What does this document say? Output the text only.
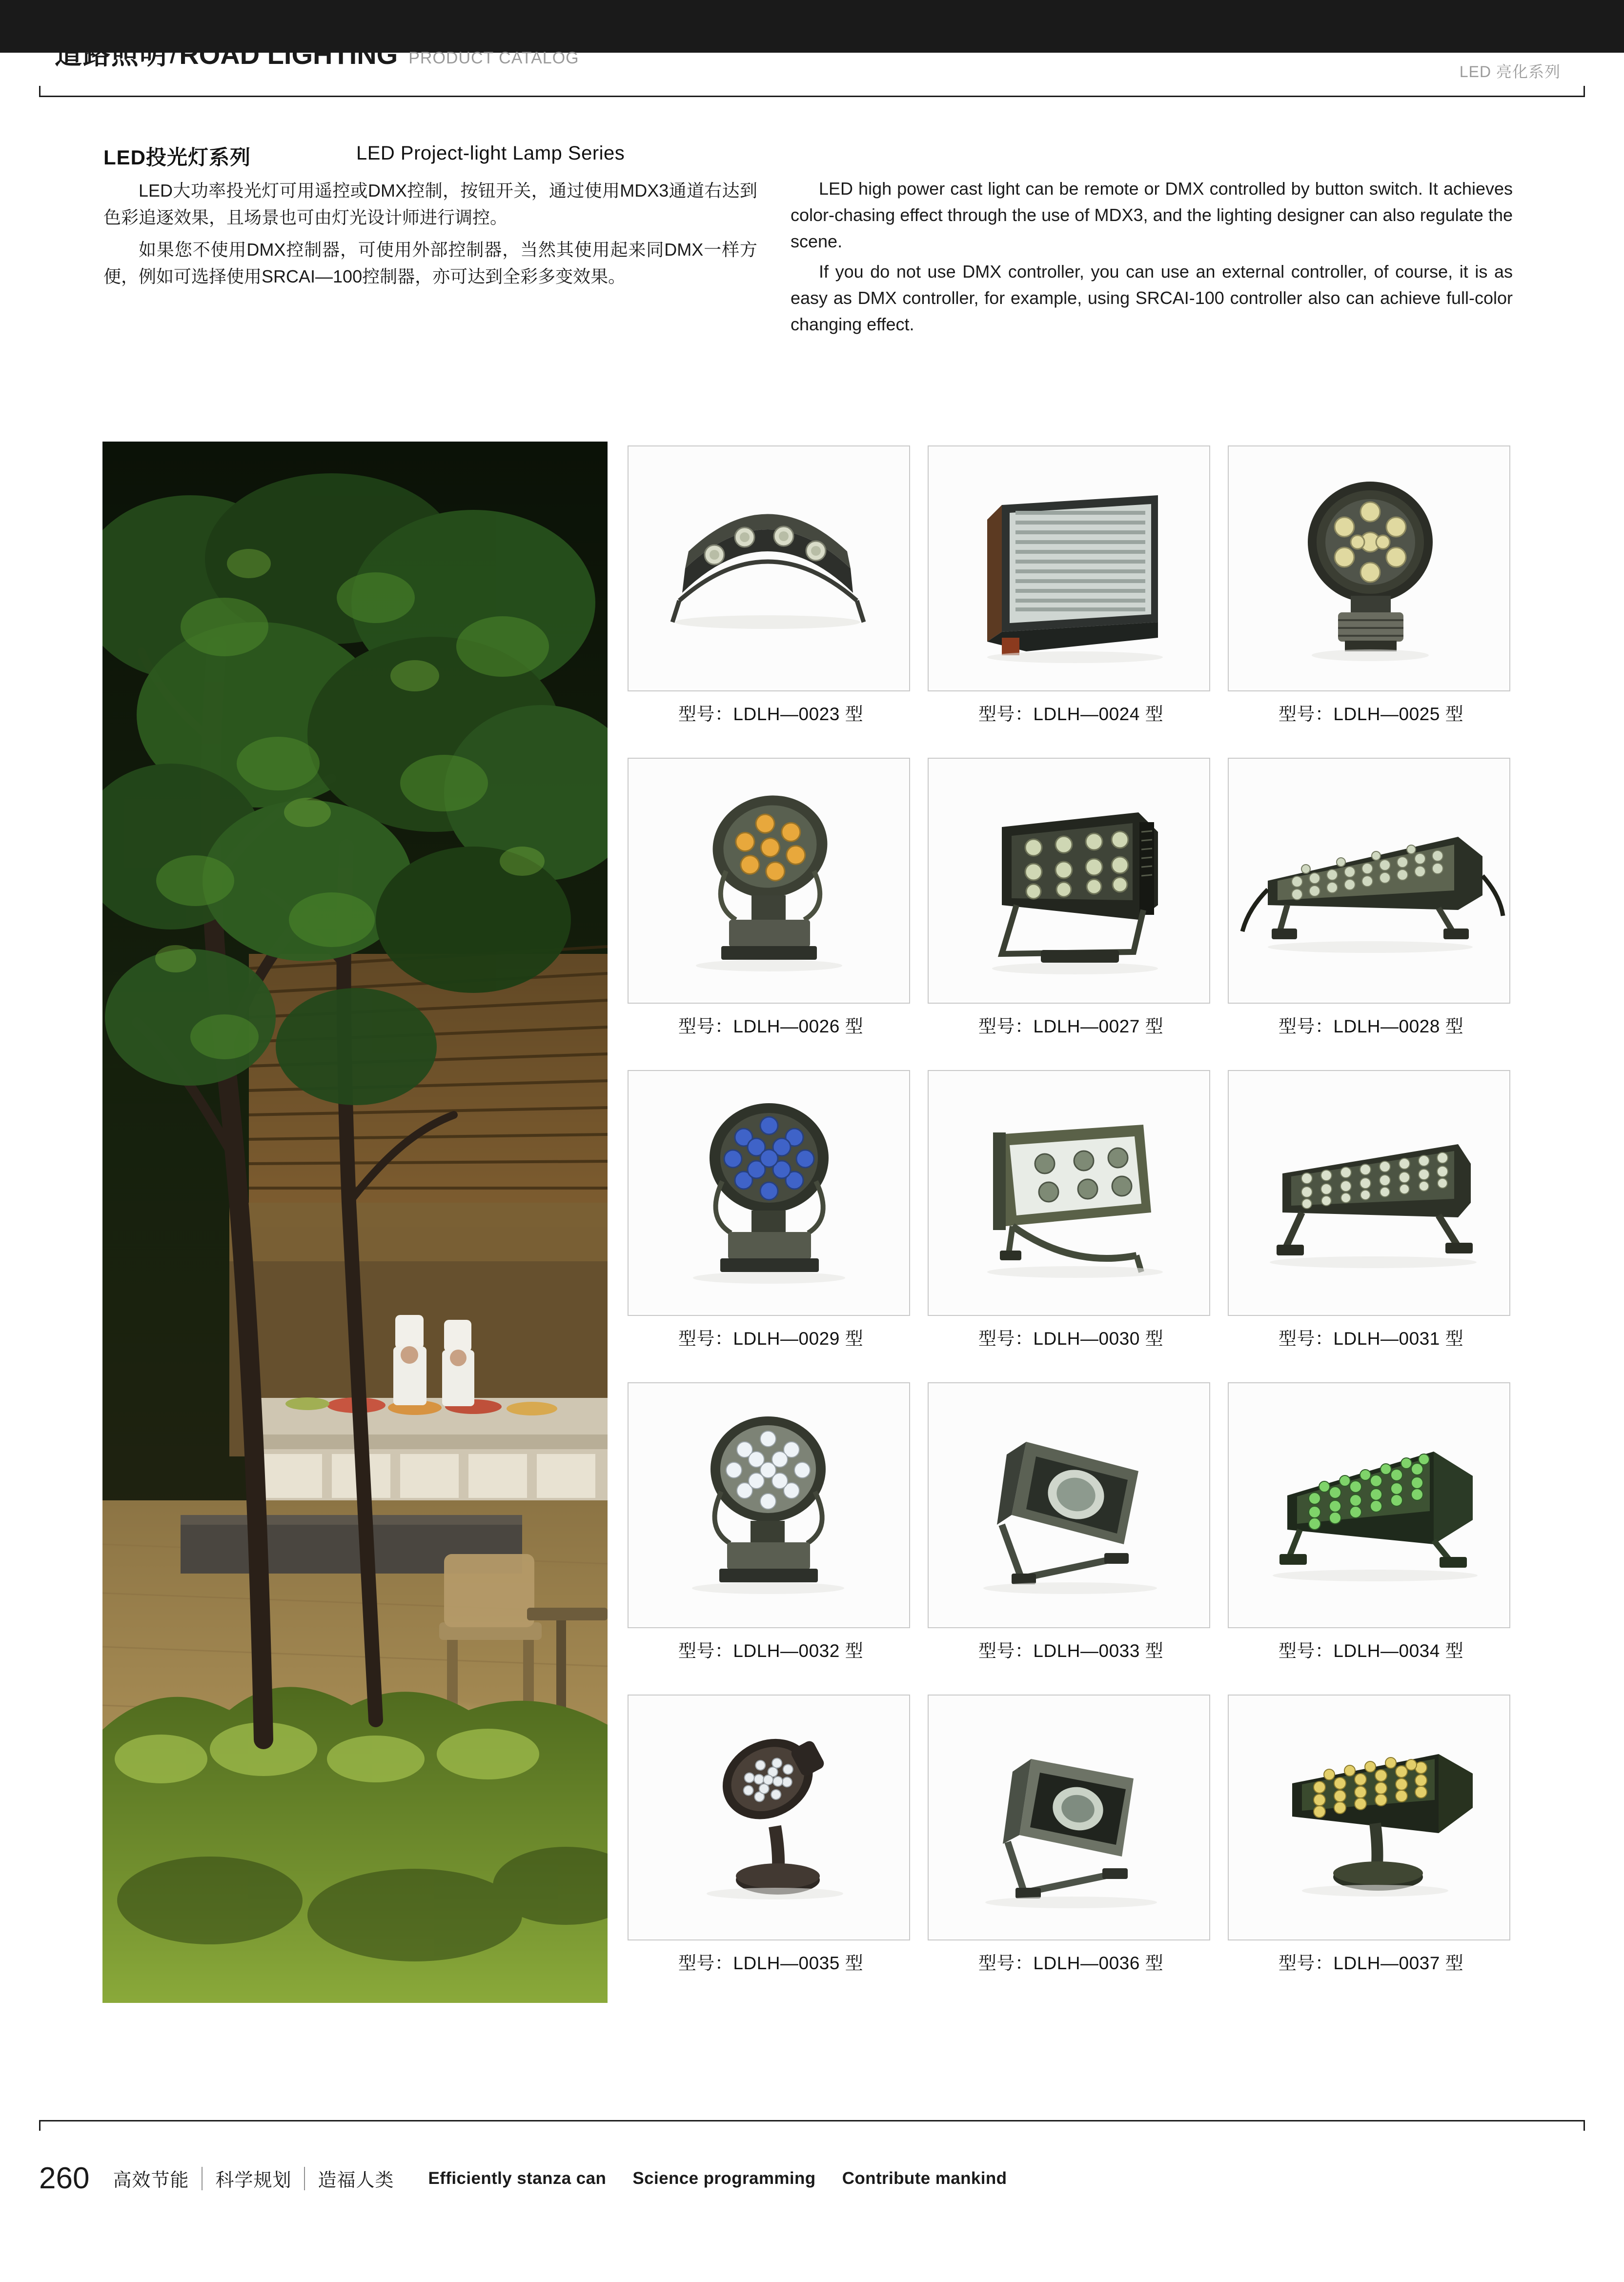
道路照明 / ROAD LIGHTING PRODUCT CATALOG
LED 亮化系列
LED投光灯系列	LED Project-light Lamp Series

LED大功率投光灯可用遥控或DMX控制，按钮开关，通过使用MDX3通道右达到色彩追逐效果，且场景也可由灯光设计师进行调控。

如果您不使用DMX控制器，可使用外部控制器，当然其使用起来同DMX一样方便，例如可选择使用SRCAI—100控制器，亦可达到全彩多变效果。

LED high power cast light can be remote or DMX controlled by button switch. It achieves color-chasing effect through the use of MDX3, and the lighting designer can also regulate the scene.

If you do not use DMX controller, you can use an external controller, of course, it is as easy as DMX controller, for example, using SRCAI-100 controller also can achieve full-color changing effect.

型号：LDLH—0023 型	型号：LDLH—0024 型	型号：LDLH—0025 型
型号：LDLH—0026 型	型号：LDLH—0027 型	型号：LDLH—0028 型
型号：LDLH—0029 型	型号：LDLH—0030 型	型号：LDLH—0031 型
型号：LDLH—0032 型	型号：LDLH—0033 型	型号：LDLH—0034 型
型号：LDLH—0035 型	型号：LDLH—0036 型	型号：LDLH—0037 型
260	高效节能	科学规划	造福人类	Efficiently stanza can Science programming Contribute mankind
